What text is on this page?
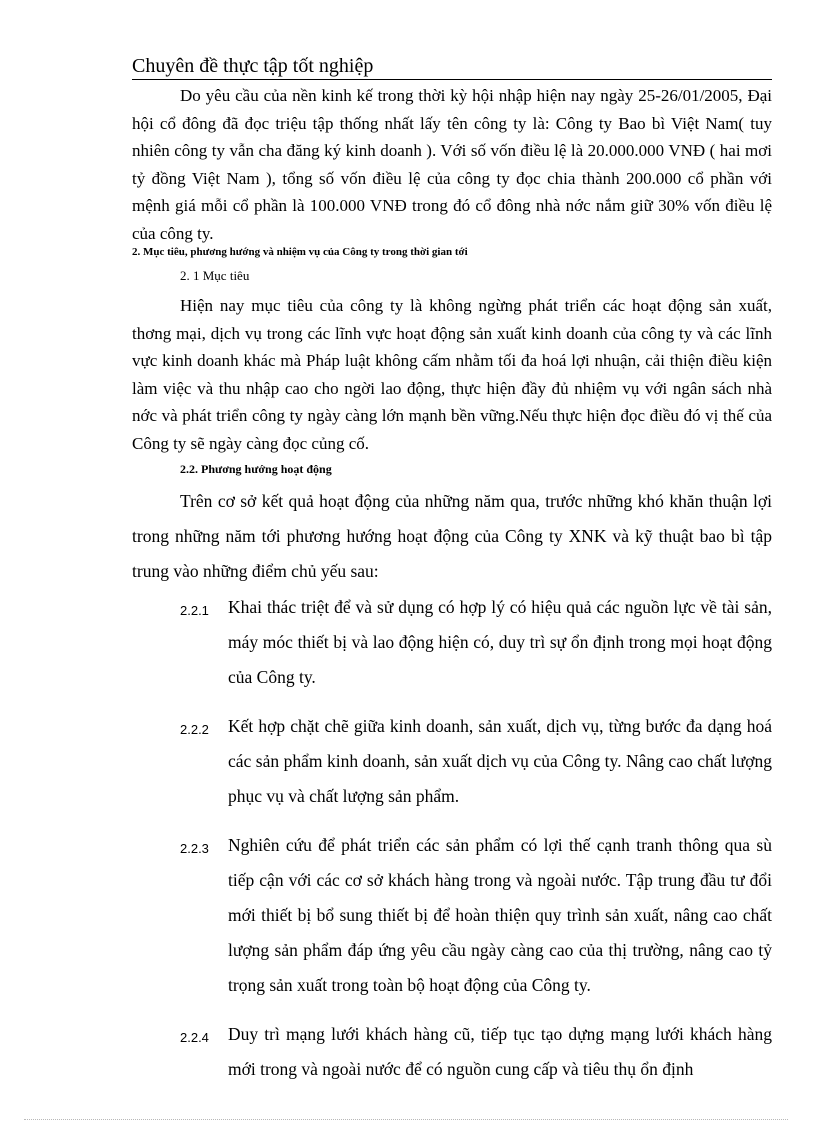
Chuyên đề thực tập tốt nghiệp
Do yêu cầu của nền kinh kế trong thời kỳ hội nhập hiện nay ngày 25-26/01/2005, Đại hội cổ đông đã đọc triệu tập thống nhất lấy tên công ty là: Công ty Bao bì Việt Nam( tuy nhiên công ty vẫn cha đăng ký kinh doanh ). Với số vốn điều lệ là 20.000.000 VNĐ ( hai mơi tỷ đồng Việt Nam ), tổng số vốn điều lệ của công ty đọc chia thành 200.000 cổ phần với mệnh giá mỗi cổ phần là 100.000 VNĐ trong đó cổ đông nhà nớc nắm giữ 30% vốn điều lệ của công ty.
2. Mục tiêu, phương hướng và nhiệm vụ của Công ty trong thời gian tới
2. 1 Mục tiêu
Hiện nay mục tiêu của công ty là không ngừng phát triển các hoạt động sản xuất, thơng mại, dịch vụ trong các lĩnh vực hoạt động sản xuất kinh doanh của công ty và các lĩnh vực kinh doanh khác mà Pháp luật không cấm nhằm tối đa hoá lợi nhuận, cải thiện điều kiện làm việc và thu nhập cao cho ngời lao động, thực hiện đầy đủ nhiệm vụ với ngân sách nhà nớc và phát triển công ty ngày càng lớn mạnh bền vững.Nếu thực hiện đọc điều đó vị thế của Công ty sẽ ngày càng đọc củng cố.
2.2. Phương hướng hoạt động
Trên cơ sở kết quả hoạt động của những năm qua, trước những khó khăn thuận lợi trong những năm tới phương hướng hoạt động của Công ty XNK và kỹ thuật bao bì tập trung vào những điểm chủ yếu sau:
2.2.1	Khai thác triệt để và sử dụng có hợp lý có hiệu quả các nguồn lực về tài sản, máy móc thiết bị và lao động hiện có, duy trì sự ổn định trong mọi hoạt động của Công ty.
2.2.2	Kết hợp chặt chẽ giữa kinh doanh, sản xuất, dịch vụ, từng bước đa dạng hoá các sản phẩm kinh doanh, sản xuất dịch vụ của Công ty. Nâng cao chất lượng phục vụ và chất lượng sản phẩm.
2.2.3	Nghiên cứu để phát triển các sản phẩm có lợi thế cạnh tranh thông qua sù tiếp cận với các cơ sở khách hàng trong và ngoài nước. Tập trung đầu tư đổi mới thiết bị bổ sung thiết bị để hoàn thiện quy trình sản xuất, nâng cao chất lượng sản phẩm đáp ứng yêu cầu ngày càng cao của thị trường, nâng cao tỷ trọng sản xuất trong toàn bộ hoạt động của Công ty.
2.2.4	Duy trì mạng lưới khách hàng cũ, tiếp tục tạo dựng mạng lưới khách hàng mới trong và ngoài nước để có nguồn cung cấp và tiêu thụ ổn định
